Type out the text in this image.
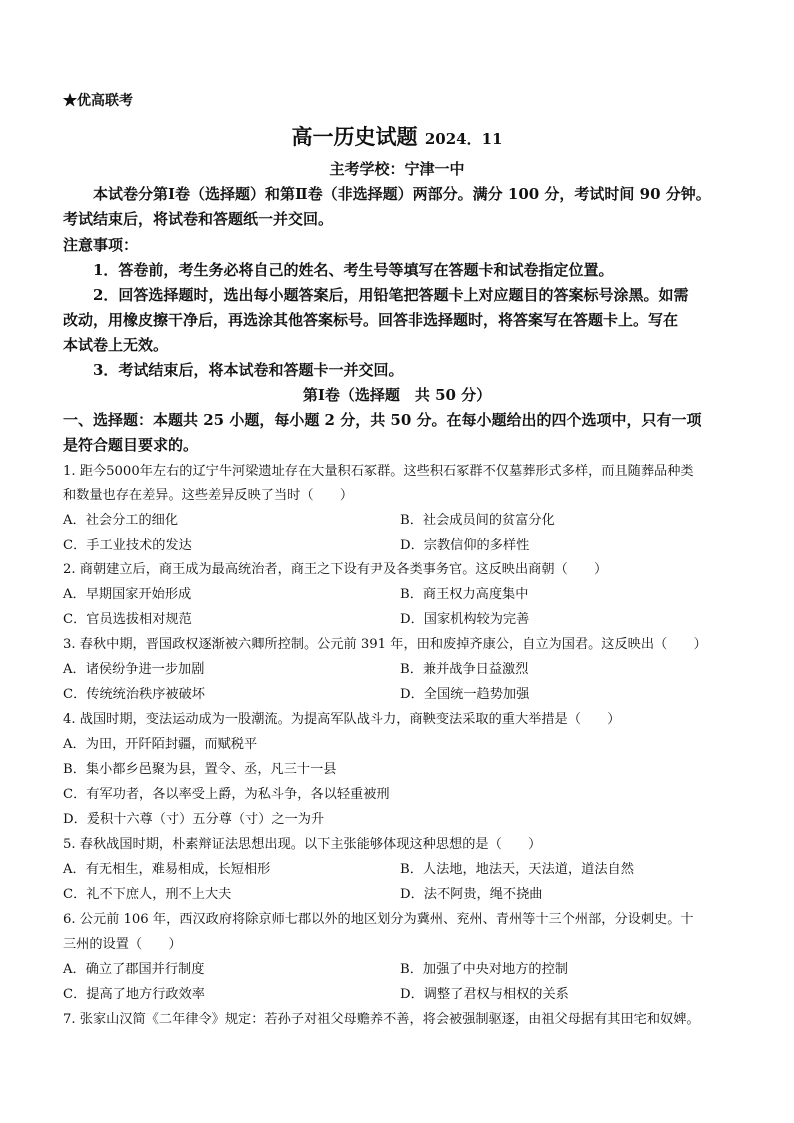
★优高联考
高一历史试题 2024．11
主考学校：宁津一中
本试卷分第Ⅰ卷（选择题）和第Ⅱ卷（非选择题）两部分。满分 100 分，考试时间 90 分钟。
考试结束后，将试卷和答题纸一并交回。
注意事项：
1．答卷前，考生务必将自己的姓名、考生号等填写在答题卡和试卷指定位置。
2．回答选择题时，选出每小题答案后，用铅笔把答题卡上对应题目的答案标号涂黑。如需
改动，用橡皮擦干净后，再选涂其他答案标号。回答非选择题时，将答案写在答题卡上。写在
本试卷上无效。
3．考试结束后，将本试卷和答题卡一并交回。
第Ⅰ卷（选择题　共 50 分）
一、选择题：本题共 25 小题，每小题 2 分，共 50 分。在每小题给出的四个选项中，只有一项
是符合题目要求的。
1. 距今5000年左右的辽宁牛河梁遗址存在大量积石冢群。这些积石冢群不仅墓葬形式多样，而且随葬品种类
和数量也存在差异。这些差异反映了当时（　　）
A．社会分工的细化	B．社会成员间的贫富分化
C．手工业技术的发达	D．宗教信仰的多样性
2. 商朝建立后，商王成为最高统治者，商王之下设有尹及各类事务官。这反映出商朝（　　）
A．早期国家开始形成	B．商王权力高度集中
C．官员选拔相对规范	D．国家机构较为完善
3. 春秋中期，晋国政权逐渐被六卿所控制。公元前 391 年，田和废掉齐康公，自立为国君。这反映出（　　）
A．诸侯纷争进一步加剧	B．兼并战争日益激烈
C．传统统治秩序被破坏	D．全国统一趋势加强
4. 战国时期，变法运动成为一股潮流。为提高军队战斗力，商鞅变法采取的重大举措是（　　）
A．为田，开阡陌封疆，而赋税平
B．集小都乡邑聚为县，置令、丞，凡三十一县
C．有军功者，各以率受上爵，为私斗争，各以轻重被刑
D．爰积十六尊（寸）五分尊（寸）之一为升
5. 春秋战国时期，朴素辩证法思想出现。以下主张能够体现这种思想的是（　　）
A．有无相生，难易相成，长短相形	B．人法地，地法天，天法道，道法自然
C．礼不下庶人，刑不上大夫	D．法不阿贵，绳不挠曲
6. 公元前 106 年，西汉政府将除京师七郡以外的地区划分为冀州、兖州、青州等十三个州部，分设刺史。十
三州的设置（　　）
A．确立了郡国并行制度	B．加强了中央对地方的控制
C．提高了地方行政效率	D．调整了君权与相权的关系
7. 张家山汉简《二年律令》规定：若孙子对祖父母赡养不善，将会被强制驱逐，由祖父母据有其田宅和奴婢。
